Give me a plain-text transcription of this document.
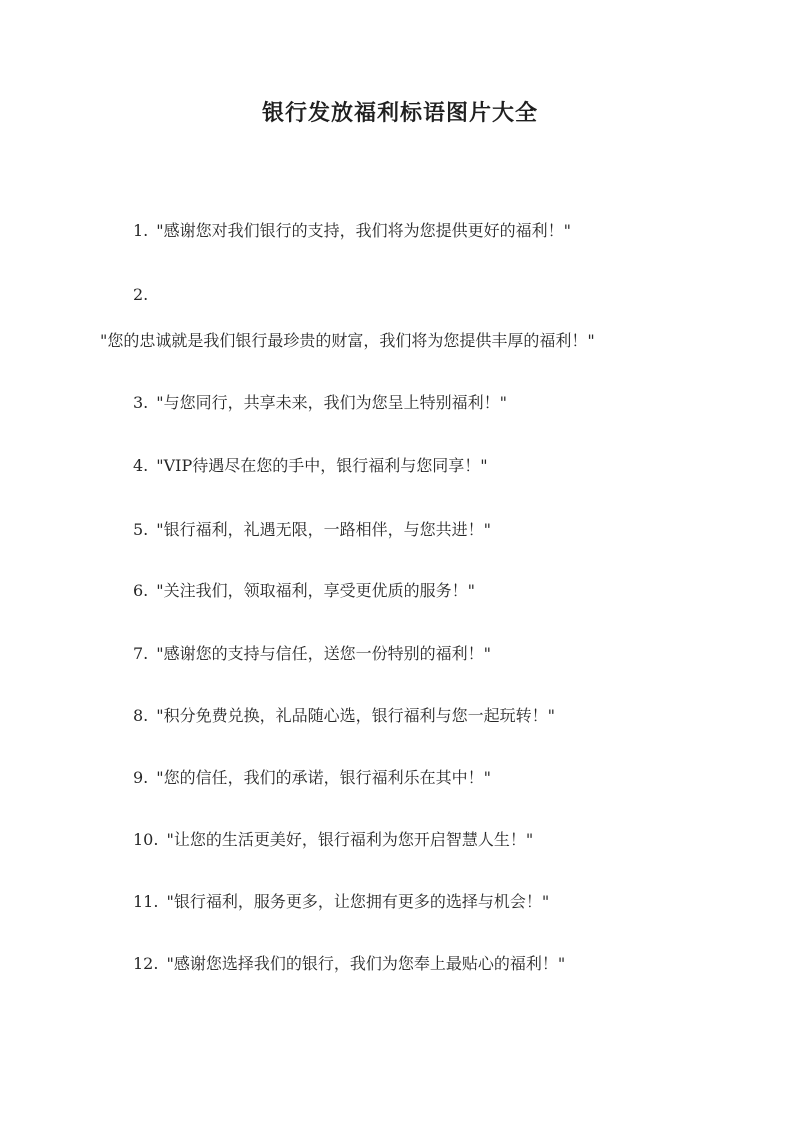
银行发放福利标语图片大全
1. "感谢您对我们银行的支持，我们将为您提供更好的福利！"
2.
"您的忠诚就是我们银行最珍贵的财富，我们将为您提供丰厚的福利！"
3. "与您同行，共享未来，我们为您呈上特别福利！"
4. "VIP待遇尽在您的手中，银行福利与您同享！"
5. "银行福利，礼遇无限，一路相伴，与您共进！"
6. "关注我们，领取福利，享受更优质的服务！"
7. "感谢您的支持与信任，送您一份特别的福利！"
8. "积分免费兑换，礼品随心选，银行福利与您一起玩转！"
9. "您的信任，我们的承诺，银行福利乐在其中！"
10. "让您的生活更美好，银行福利为您开启智慧人生！"
11. "银行福利，服务更多，让您拥有更多的选择与机会！"
12. "感谢您选择我们的银行，我们为您奉上最贴心的福利！"
